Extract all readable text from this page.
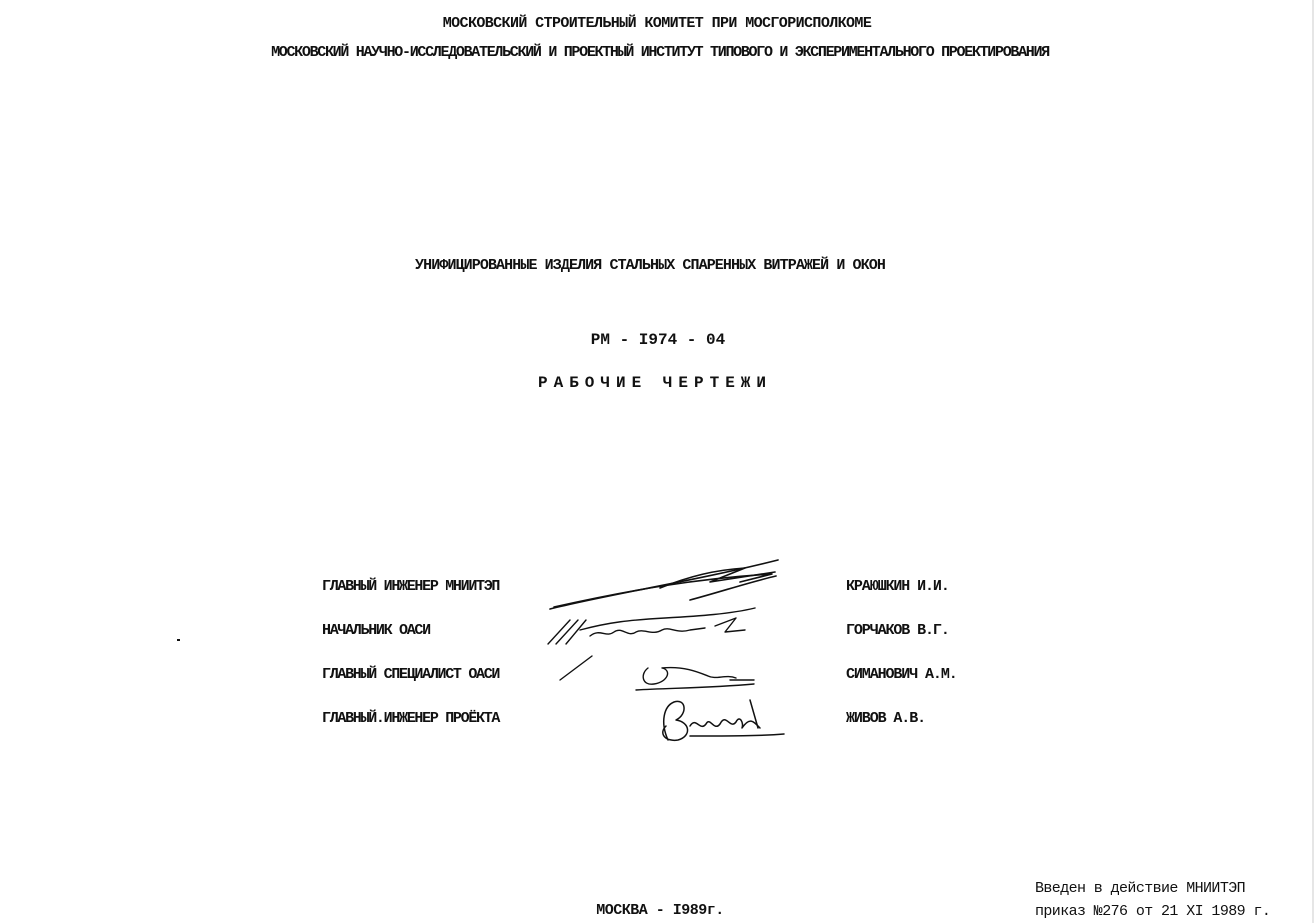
МОСКОВСКИЙ СТРОИТЕЛЬНЫЙ КОМИТЕТ ПРИ МОСГОРИСПОЛКОМЕ
МОСКОВСКИЙ НАУЧНО-ИССЛЕДОВАТЕЛЬСКИЙ И ПРОЕКТНЫЙ ИНСТИТУТ ТИПОВОГО И ЭКСПЕРИМЕНТАЛЬНОГО ПРОЕКТИРОВАНИЯ
УНИФИЦИРОВАННЫЕ ИЗДЕЛИЯ СТАЛЬНЫХ СПАРЕННЫХ ВИТРАЖЕЙ И ОКОН
РМ - I974 - 04
РАБОЧИЕ ЧЕРТЕЖИ
ГЛАВНЫЙ ИНЖЕНЕР МНИИТЭП	КРАЮШКИН И.И.
НАЧАЛЬНИК ОАСИ	ГОРЧАКОВ В.Г.
ГЛАВНЫЙ СПЕЦИАЛИСТ ОАСИ	СИМАНОВИЧ А.М.
ГЛАВНЫЙ.ИНЖЕНЕР ПРОЁКТА	ЖИВОВ А.В.
МОСКВА - I989г.
Введен в действие МНИИТЭП
приказ №276 от 21 XI 1989 г.
